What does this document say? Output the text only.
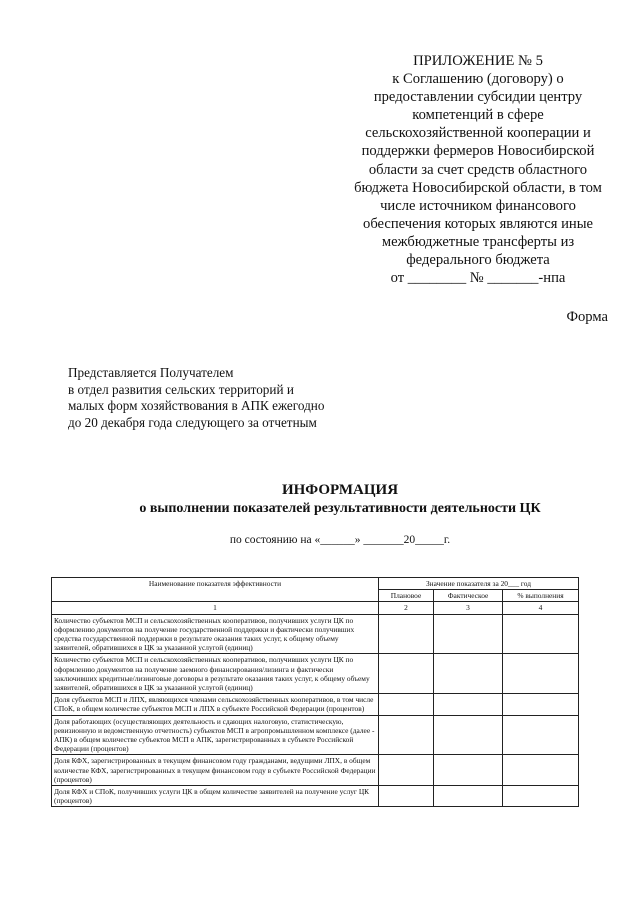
ПРИЛОЖЕНИЕ № 5
к Соглашению (договору) о
предоставлении субсидии центру
компетенций в сфере
сельскохозяйственной кооперации и
поддержки фермеров Новосибирской
области за счет средств областного
бюджета Новосибирской области, в том
числе источником финансового
обеспечения которых являются иные
межбюджетные трансферты из
федерального бюджета
от ________ № _______-нпа
Форма
Представляется Получателем
в отдел развития сельских территорий и
малых форм хозяйствования в АПК ежегодно
до 20 декабря года следующего за отчетным
ИНФОРМАЦИЯ
о выполнении показателей результативности деятельности ЦК
по состоянию на «______» _______20_____г.
Наименование показателя эффективности	Значение показателя за 20___ год		
	Плановое	Фактическое	% выполнения
1	2	3	4
Количество субъектов МСП и сельскохозяйственных кооперативов, получивших услуги ЦК по оформлению документов на получение государственной поддержки и фактически получивших средства государственной поддержки в результате оказания таких услуг, к общему объему заявителей, обратившихся в ЦК за указанной услугой (единиц)			
Количество субъектов МСП и сельскохозяйственных кооперативов, получивших услуги ЦК по оформлению документов на получение заемного финансирования/лизинга и фактически заключивших кредитные/лизинговые договоры в результате оказания таких услуг, к общему объему заявителей, обратившихся в ЦК за указанной услугой (единиц)			
Доля субъектов МСП и ЛПХ, являющихся членами сельскохозяйственных кооперативов, в том числе СПоК, в общем количестве субъектов МСП и ЛПХ в субъекте Российской Федерации (процентов)			
Доля работающих (осуществляющих деятельность и сдающих налоговую, статистическую, ревизионную и ведомственную отчетность) субъектов МСП в агропромышленном комплексе (далее - АПК) в общем количестве субъектов МСП в АПК, зарегистрированных в субъекте Российской Федерации (процентов)			
Доля КФХ, зарегистрированных в текущем финансовом году гражданами, ведущими ЛПХ, в общем количестве КФХ, зарегистрированных в текущем финансовом году в субъекте Российской Федерации (процентов)			
Доля КФХ и СПоК, получивших услуги ЦК в общем количестве заявителей на получение услуг ЦК (процентов)			
